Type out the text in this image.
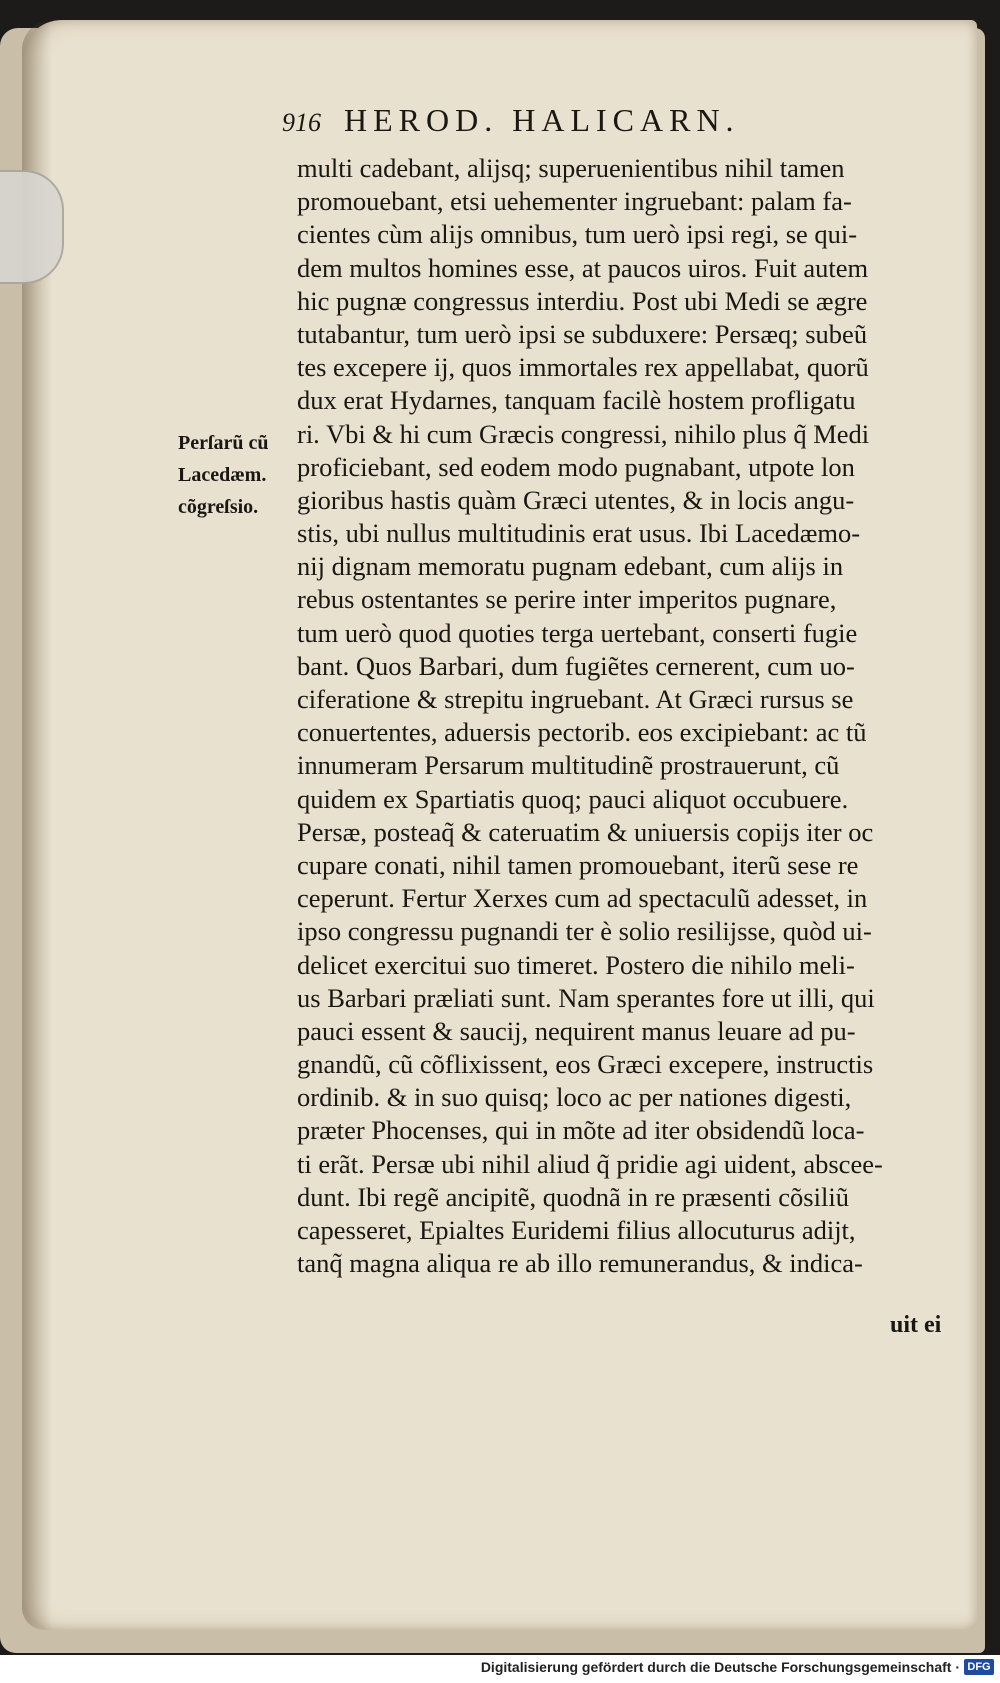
916 HEROD. HALICARN.
Perſarũ cũ
Lacedæm.
cõgreſsio.
multi cadebant, alijsq; superuenientibus nihil tamen
promouebant, etsi uehementer ingruebant: palam fa-
cientes cùm alijs omnibus, tum uerò ipsi regi, se qui-
dem multos homines esse, at paucos uiros. Fuit autem
hic pugnæ congressus interdiu. Post ubi Medi se ægre
tutabantur, tum uerò ipsi se subduxere: Persæq; subeũ
tes excepere ij, quos immortales rex appellabat, quorũ
dux erat Hydarnes, tanquam facilè hostem profligatu
ri. Vbi & hi cum Græcis congressi, nihilo plus q̃ Medi
proficiebant, sed eodem modo pugnabant, utpote lon
gioribus hastis quàm Græci utentes, & in locis angu-
stis, ubi nullus multitudinis erat usus. Ibi Lacedæmo-
nij dignam memoratu pugnam edebant, cum alijs in
rebus ostentantes se perire inter imperitos pugnare,
tum uerò quod quoties terga uertebant, conserti fugie
bant. Quos Barbari, dum fugiẽtes cernerent, cum uo-
ciferatione & strepitu ingruebant. At Græci rursus se
conuertentes, aduersis pectorib. eos excipiebant: ac tũ
innumeram Persarum multitudinẽ prostrauerunt, cũ
quidem ex Spartiatis quoq; pauci aliquot occubuere.
Persæ, posteaq̃ & cateruatim & uniuersis copijs iter oc
cupare conati, nihil tamen promouebant, iterũ sese re
ceperunt. Fertur Xerxes cum ad spectaculũ adesset, in
ipso congressu pugnandi ter è solio resilijsse, quòd ui-
delicet exercitui suo timeret. Postero die nihilo meli-
us Barbari præliati sunt. Nam sperantes fore ut illi, qui
pauci essent & saucij, nequirent manus leuare ad pu-
gnandũ, cũ cõflixissent, eos Græci excepere, instructis
ordinib. & in suo quisq; loco ac per nationes digesti,
præter Phocenses, qui in mõte ad iter obsidendũ loca-
ti erãt. Persæ ubi nihil aliud q̃ pridie agi uident, abscee-
dunt. Ibi regẽ ancipitẽ, quodnã in re præsenti cõsiliũ
capesseret, Epialtes Euridemi filius allocuturus adijt,
tanq̃ magna aliqua re ab illo remunerandus, & indica-
uit ei
Digitalisierung gefördert durch die Deutsche Forschungsgemeinschaft · DFG
